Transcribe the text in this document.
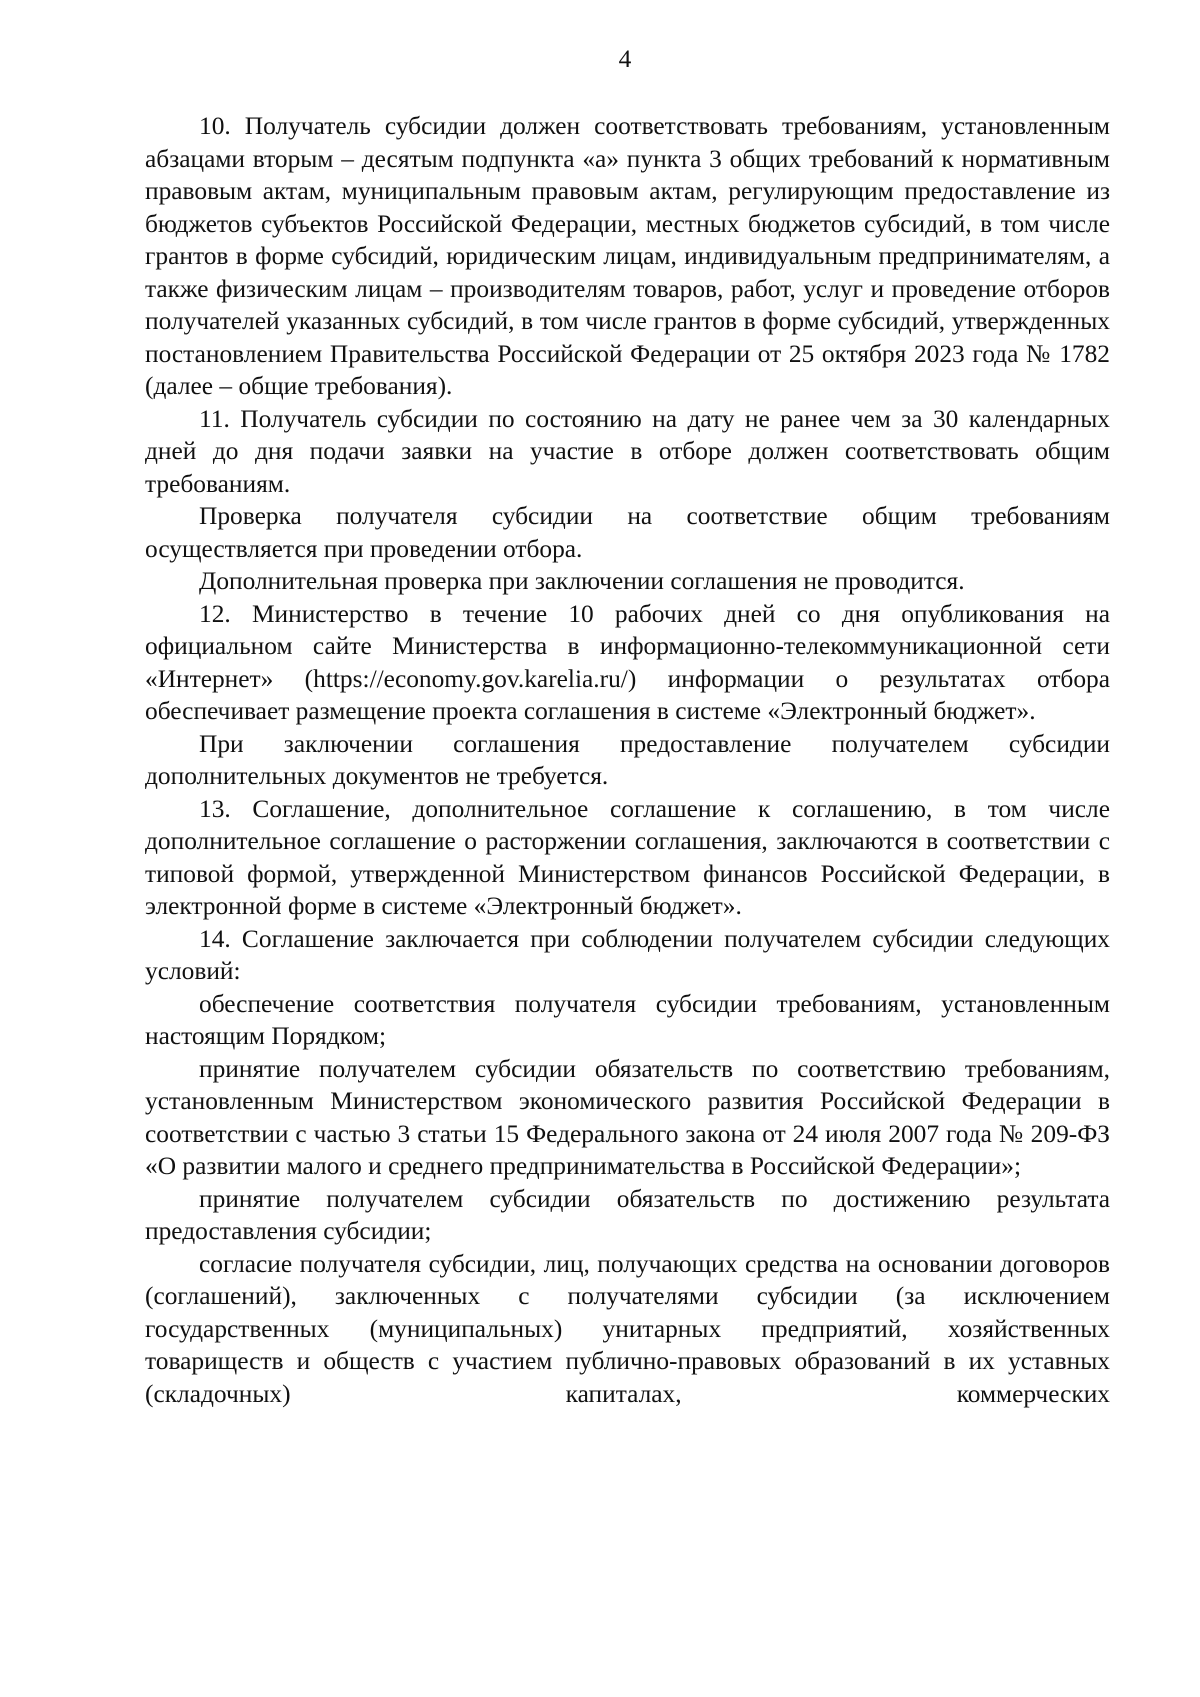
4

10. Получатель субсидии должен соответствовать требованиям, установленным абзацами вторым – десятым подпункта «а» пункта 3 общих требований к нормативным правовым актам, муниципальным правовым актам, регулирующим предоставление из бюджетов субъектов Российской Федерации, местных бюджетов субсидий, в том числе грантов в форме субсидий, юридическим лицам, индивидуальным предпринимателям, а также физическим лицам – производителям товаров, работ, услуг и проведение отборов получателей указанных субсидий, в том числе грантов в форме субсидий, утвержденных постановлением Правительства Российской Федерации от 25 октября 2023 года № 1782 (далее – общие требования).

11. Получатель субсидии по состоянию на дату не ранее чем за 30 календарных дней до дня подачи заявки на участие в отборе должен соответствовать общим требованиям.

Проверка получателя субсидии на соответствие общим требованиям осуществляется при проведении отбора.

Дополнительная проверка при заключении соглашения не проводится.

12. Министерство в течение 10 рабочих дней со дня опубликования на официальном сайте Министерства в информационно-телекоммуникационной сети «Интернет» (https://economy.gov.karelia.ru/) информации о результатах отбора обеспечивает размещение проекта соглашения в системе «Электронный бюджет».

При заключении соглашения предоставление получателем субсидии дополнительных документов не требуется.

13. Соглашение, дополнительное соглашение к соглашению, в том числе дополнительное соглашение о расторжении соглашения, заключаются в соответствии с типовой формой, утвержденной Министерством финансов Российской Федерации, в электронной форме в системе «Электронный бюджет».

14. Соглашение заключается при соблюдении получателем субсидии следующих условий:

обеспечение соответствия получателя субсидии требованиям, установленным настоящим Порядком;

принятие получателем субсидии обязательств по соответствию требованиям, установленным Министерством экономического развития Российской Федерации в соответствии с частью 3 статьи 15 Федерального закона от 24 июля 2007 года № 209-ФЗ «О развитии малого и среднего предпринимательства в Российской Федерации»;

принятие получателем субсидии обязательств по достижению результата предоставления субсидии;

согласие получателя субсидии, лиц, получающих средства на основании договоров (соглашений), заключенных с получателями субсидии (за исключением государственных (муниципальных) унитарных предприятий, хозяйственных товариществ и обществ с участием публично-правовых образований в их уставных (складочных) капиталах, коммерческих
